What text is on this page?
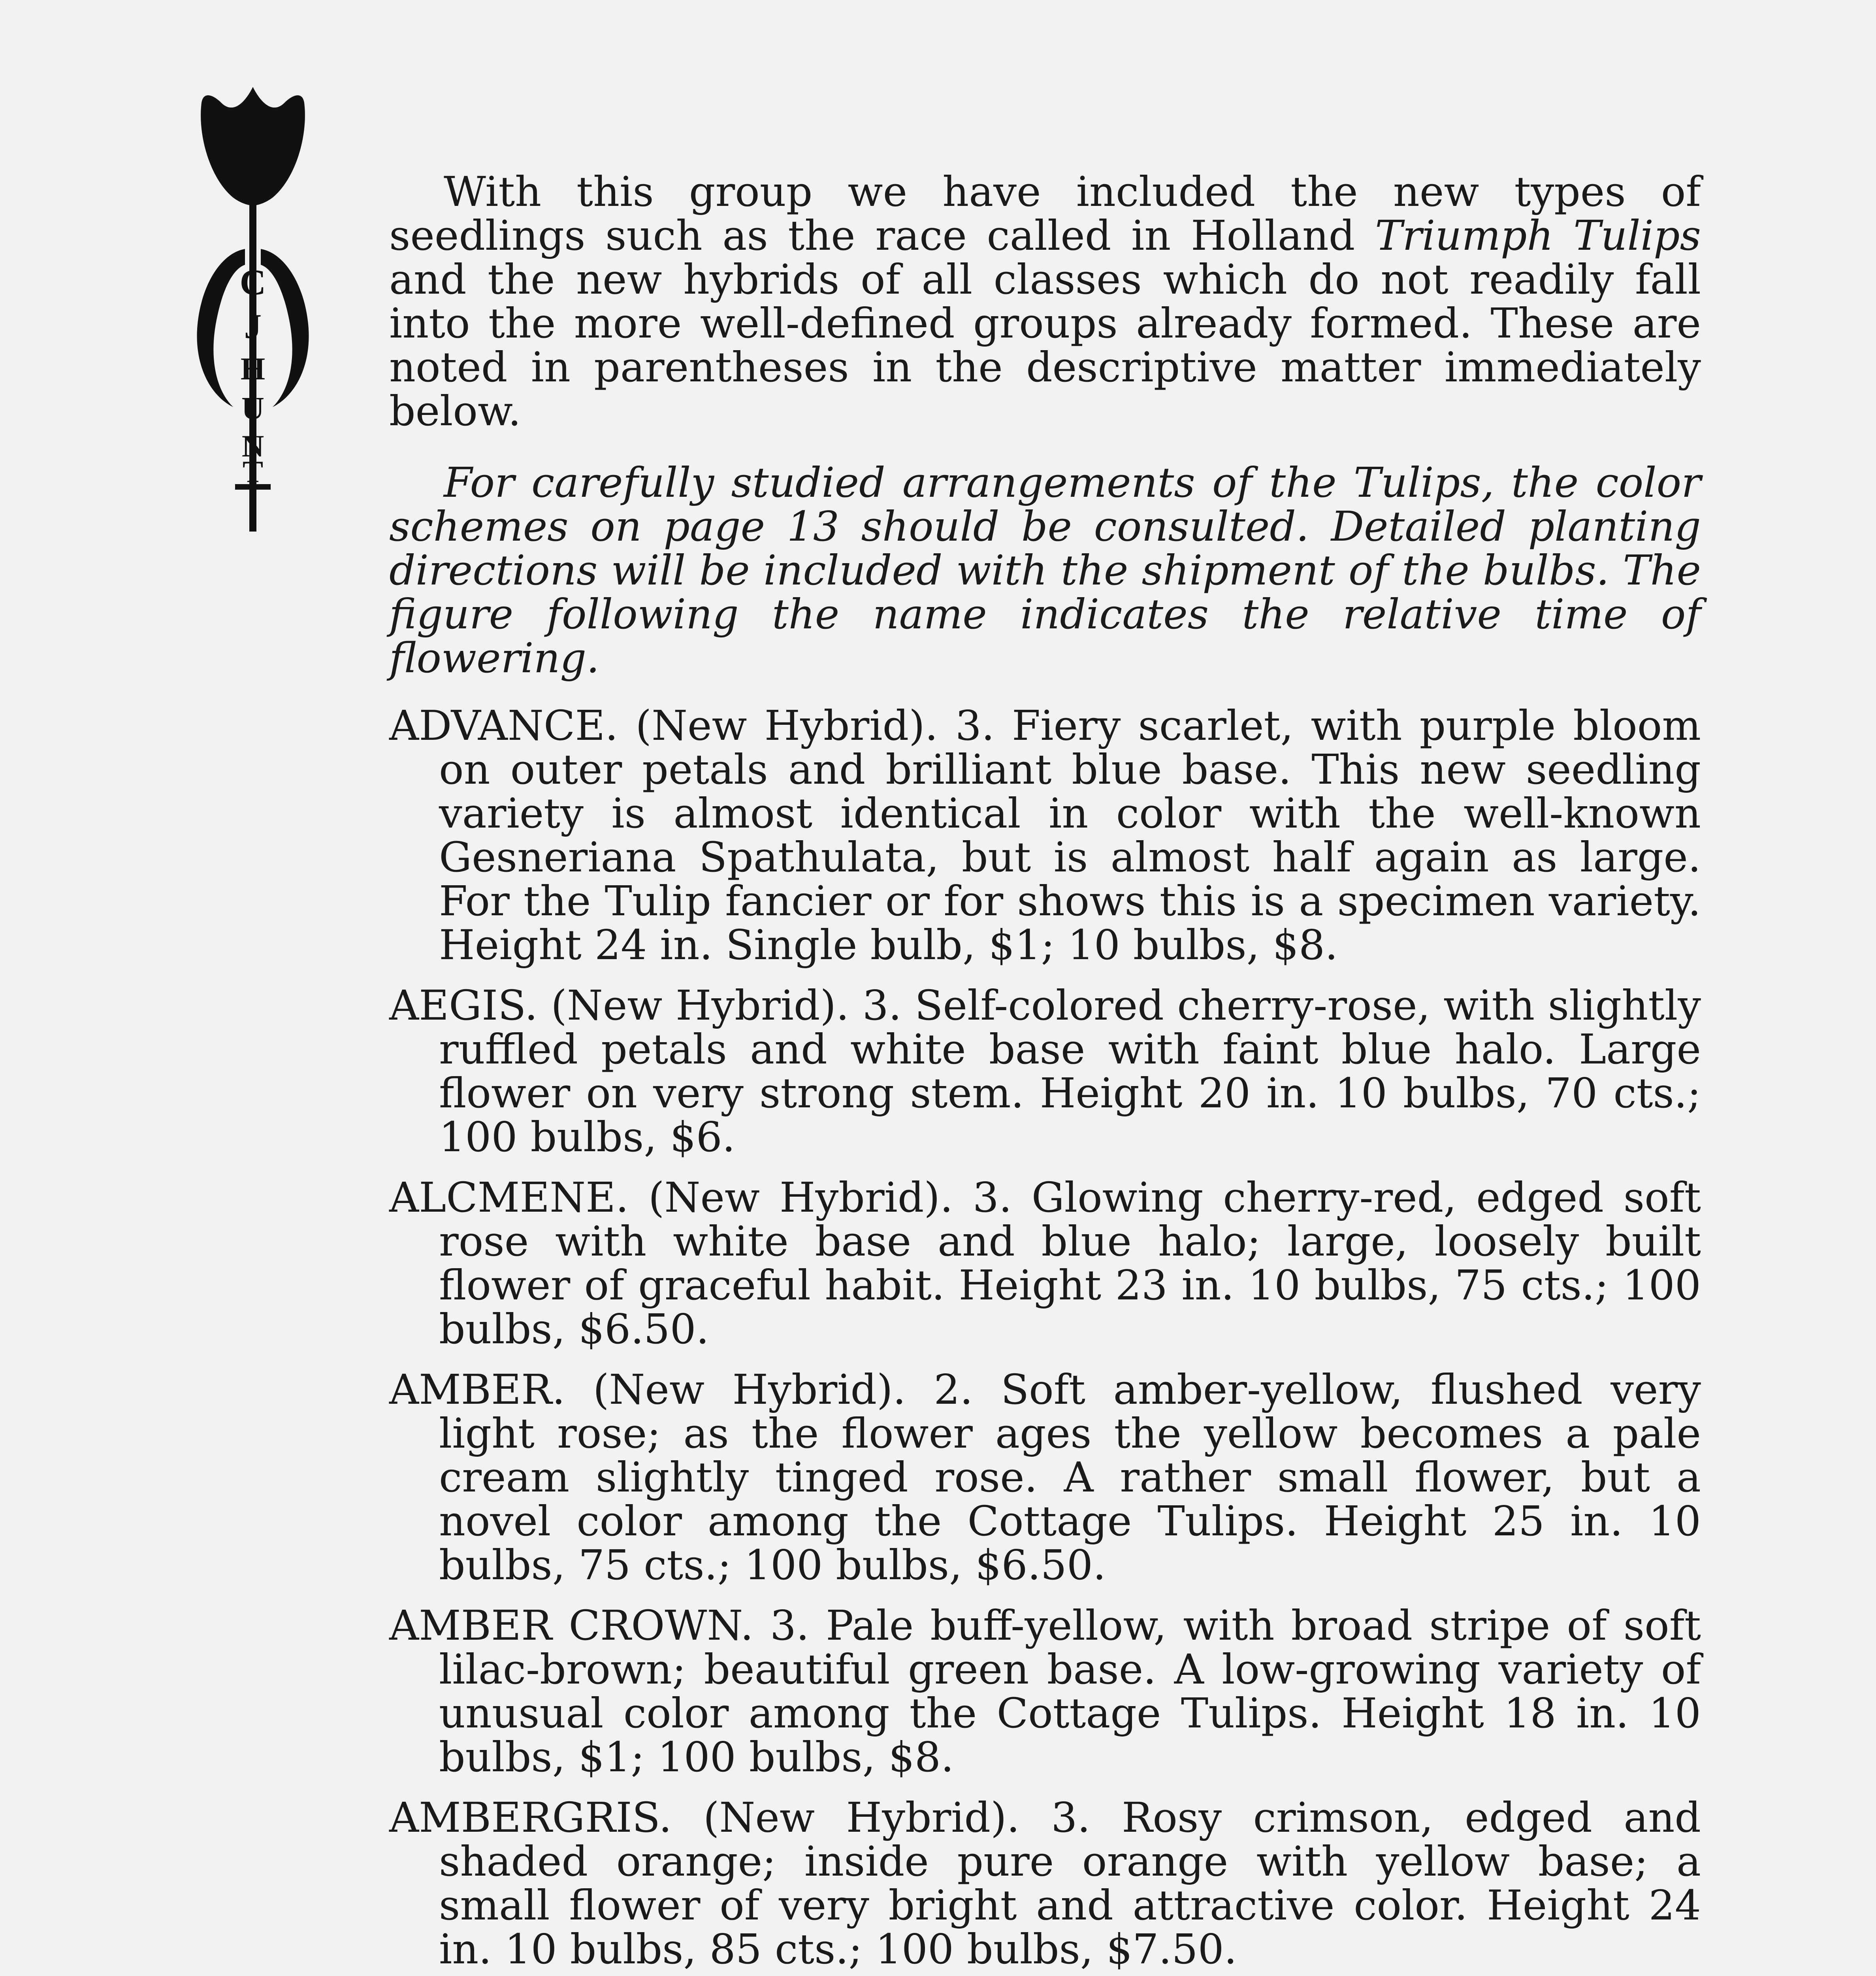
C
J
H
U
N
T

With this group we have included the new types of seedlings such as the race called in Holland Triumph Tulips and the new hybrids of all classes which do not readily fall into the more well-defined groups already formed. These are noted in parentheses in the descriptive matter immediately below.

For carefully studied arrangements of the Tulips, the color schemes on page 13 should be consulted. Detailed planting directions will be included with the shipment of the bulbs. The figure following the name indicates the relative time of flowering.

ADVANCE. (New Hybrid). 3. Fiery scarlet, with purple bloom on outer petals and brilliant blue base. This new seedling variety is almost identical in color with the well-known Gesneriana Spathulata, but is almost half again as large. For the Tulip fancier or for shows this is a specimen variety. Height 24 in. Single bulb, $1; 10 bulbs, $8.

AEGIS. (New Hybrid). 3. Self-colored cherry-rose, with slightly ruffled petals and white base with faint blue halo. Large flower on very strong stem. Height 20 in. 10 bulbs, 70 cts.; 100 bulbs, $6.

ALCMENE. (New Hybrid). 3. Glowing cherry-red, edged soft rose with white base and blue halo; large, loosely built flower of graceful habit. Height 23 in. 10 bulbs, 75 cts.; 100 bulbs, $6.50.

AMBER. (New Hybrid). 2. Soft amber-yellow, flushed very light rose; as the flower ages the yellow becomes a pale cream slightly tinged rose. A rather small flower, but a novel color among the Cottage Tulips. Height 25 in. 10 bulbs, 75 cts.; 100 bulbs, $6.50.

AMBER CROWN. 3. Pale buff-yellow, with broad stripe of soft lilac-brown; beautiful green base. A low-growing variety of unusual color among the Cottage Tulips. Height 18 in. 10 bulbs, $1; 100 bulbs, $8.

AMBERGRIS. (New Hybrid). 3. Rosy crimson, edged and shaded orange; inside pure orange with yellow base; a small flower of very bright and attractive color. Height 24 in. 10 bulbs, 85 cts.; 100 bulbs, $7.50.
